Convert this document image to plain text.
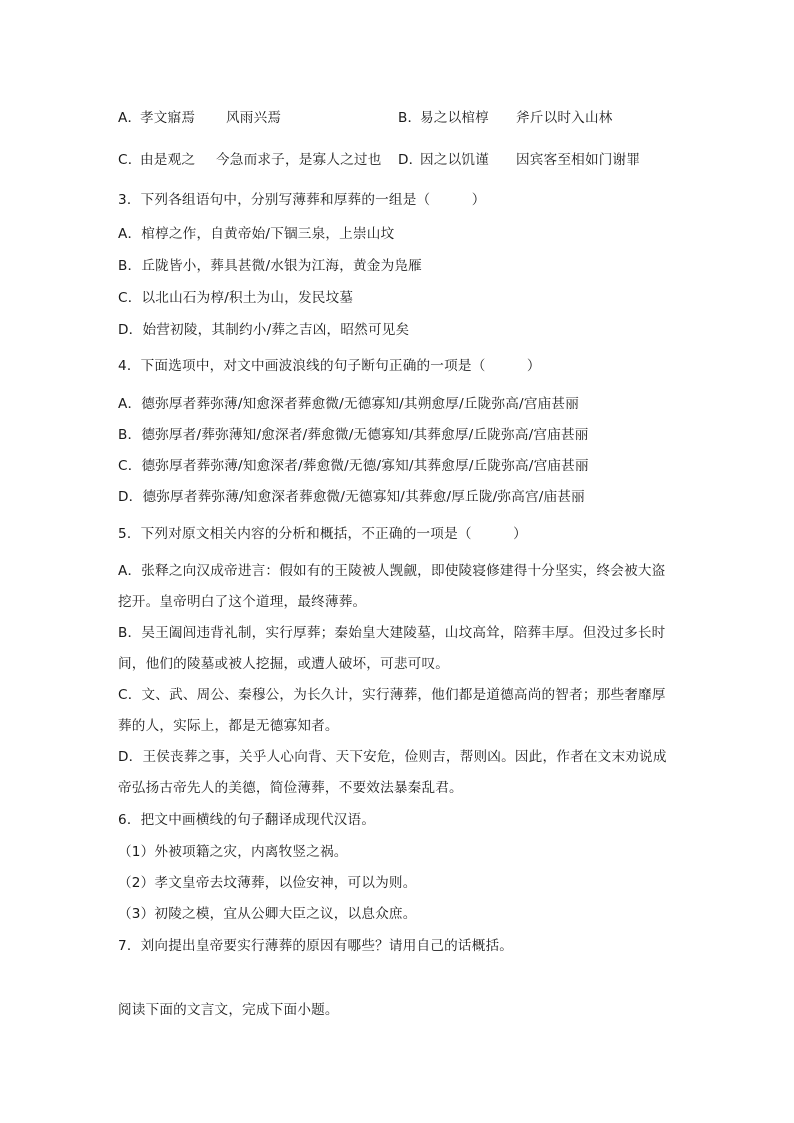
A．
孝文寤焉 风雨兴焉	B．
易之以棺椁 斧斤以时入山林
C．
由是观之 今急而求子，是寡人之过也 D．
因之以饥谨 因宾客至相如门谢罪
3．下列各组语句中，分别写薄葬和厚葬的一组是（　　　）
A．棺椁之作，自黄帝始/下锢三泉，上崇山坟
B．丘陇皆小，葬具甚微/水银为江海，黄金为凫雁
C．以北山石为椁/积土为山，发民坟墓
D．始营初陵，其制约小/葬之吉凶，昭然可见矣
4．下面选项中，对文中画波浪线的句子断句正确的一项是（　　　）
A．德弥厚者葬弥薄/知愈深者葬愈微/无德寡知/其朔愈厚/丘陇弥高/宫庙甚丽
B．德弥厚者/葬弥薄知/愈深者/葬愈微/无德寡知/其葬愈厚/丘陇弥高/宫庙甚丽
C．德弥厚者葬弥薄/知愈深者/葬愈微/无德/寡知/其葬愈厚/丘陇弥高/宫庙甚丽
D．德弥厚者葬弥薄/知愈深者葬愈微/无德寡知/其葬愈/厚丘陇/弥高宫/庙甚丽
5．下列对原文相关内容的分析和概括，不正确的一项是（　　　）
A．张释之向汉成帝进言：假如有的王陵被人觊觎，即使陵寝修建得十分坚实，终会被大盗挖开。皇帝明白了这个道理，最终薄葬。
B．吴王阖闾违背礼制，实行厚葬；秦始皇大建陵墓，山坟高耸，陪葬丰厚。但没过多长时间，他们的陵墓或被人挖掘，或遭人破坏，可悲可叹。
C．文、武、周公、秦穆公，为长久计，实行薄葬，他们都是道德高尚的智者；那些奢靡厚葬的人，实际上，都是无德寡知者。
D．王侯丧葬之事，关乎人心向背、天下安危，俭则吉，帮则凶。因此，作者在文末劝说成帝弘扬古帝先人的美德，简俭薄葬，不要效法暴秦乱君。
6．把文中画横线的句子翻译成现代汉语。
（1）外被项籍之灾，内离牧竖之祸。
（2）孝文皇帝去坟薄葬，以俭安神，可以为则。
（3）初陵之模，宜从公卿大臣之议，以息众庶。
7．刘向提出皇帝要实行薄葬的原因有哪些？请用自己的话概括。
阅读下面的文言文，完成下面小题。
